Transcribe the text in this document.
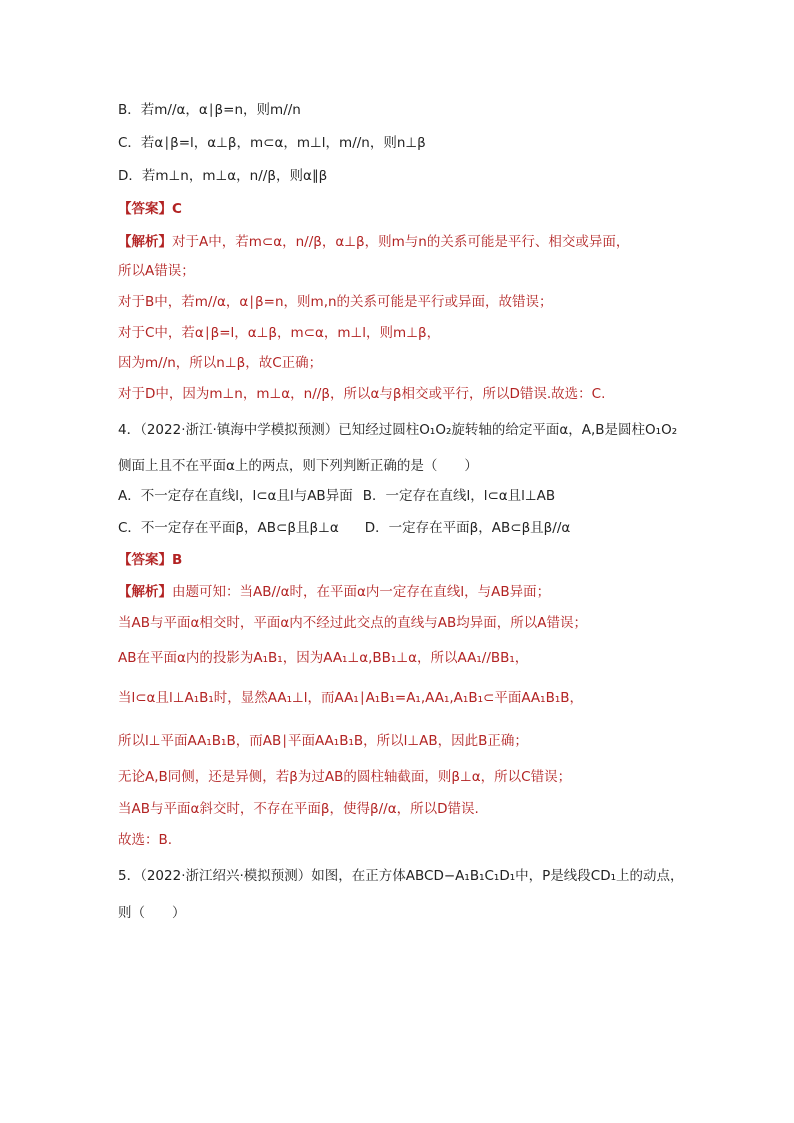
B．若m//α，α∣β=n，则m//n
C．若α∣β=l，α⊥β，m⊂α，m⊥l，m//n，则n⊥β
D．若m⊥n，m⊥α，n//β，则α∥β
【答案】C
【解析】对于A中，若m⊂α，n//β，α⊥β，则m与n的关系可能是平行、相交或异面，
所以A错误；
对于B中，若m//α，α∣β=n，则m,n的关系可能是平行或异面，故错误；
对于C中，若α∣β=l，α⊥β，m⊂α，m⊥l，则m⊥β，
因为m//n，所以n⊥β，故C正确；
对于D中，因为m⊥n，m⊥α，n//β，所以α与β相交或平行，所以D错误.故选：C.
4．（2022·浙江·镇海中学模拟预测）已知经过圆柱O₁O₂旋转轴的给定平面α，A,B是圆柱O₁O₂
侧面上且不在平面α上的两点，则下列判断正确的是（　　）
A．不一定存在直线l，l⊂α且l与AB异面 B．一定存在直线l，l⊂α且l⊥AB
C．不一定存在平面β，AB⊂β且β⊥α D．一定存在平面β，AB⊂β且β//α
【答案】B
【解析】由题可知：当AB//α时，在平面α内一定存在直线l，与AB异面；
当AB与平面α相交时，平面α内不经过此交点的直线与AB均异面，所以A错误；
AB在平面α内的投影为A₁B₁，因为AA₁⊥α,BB₁⊥α，所以AA₁//BB₁，
当l⊂α且l⊥A₁B₁时，显然AA₁⊥l，而AA₁∣A₁B₁=A₁,AA₁,A₁B₁⊂平面AA₁B₁B，
所以l⊥平面AA₁B₁B，而AB∣平面AA₁B₁B，所以l⊥AB，因此B正确；
无论A,B同侧，还是异侧，若β为过AB的圆柱轴截面，则β⊥α，所以C错误；
当AB与平面α斜交时，不存在平面β，使得β//α，所以D错误.
故选：B.
5．（2022·浙江绍兴·模拟预测）如图，在正方体ABCD−A₁B₁C₁D₁中，P是线段CD₁上的动点，
则（　　）
